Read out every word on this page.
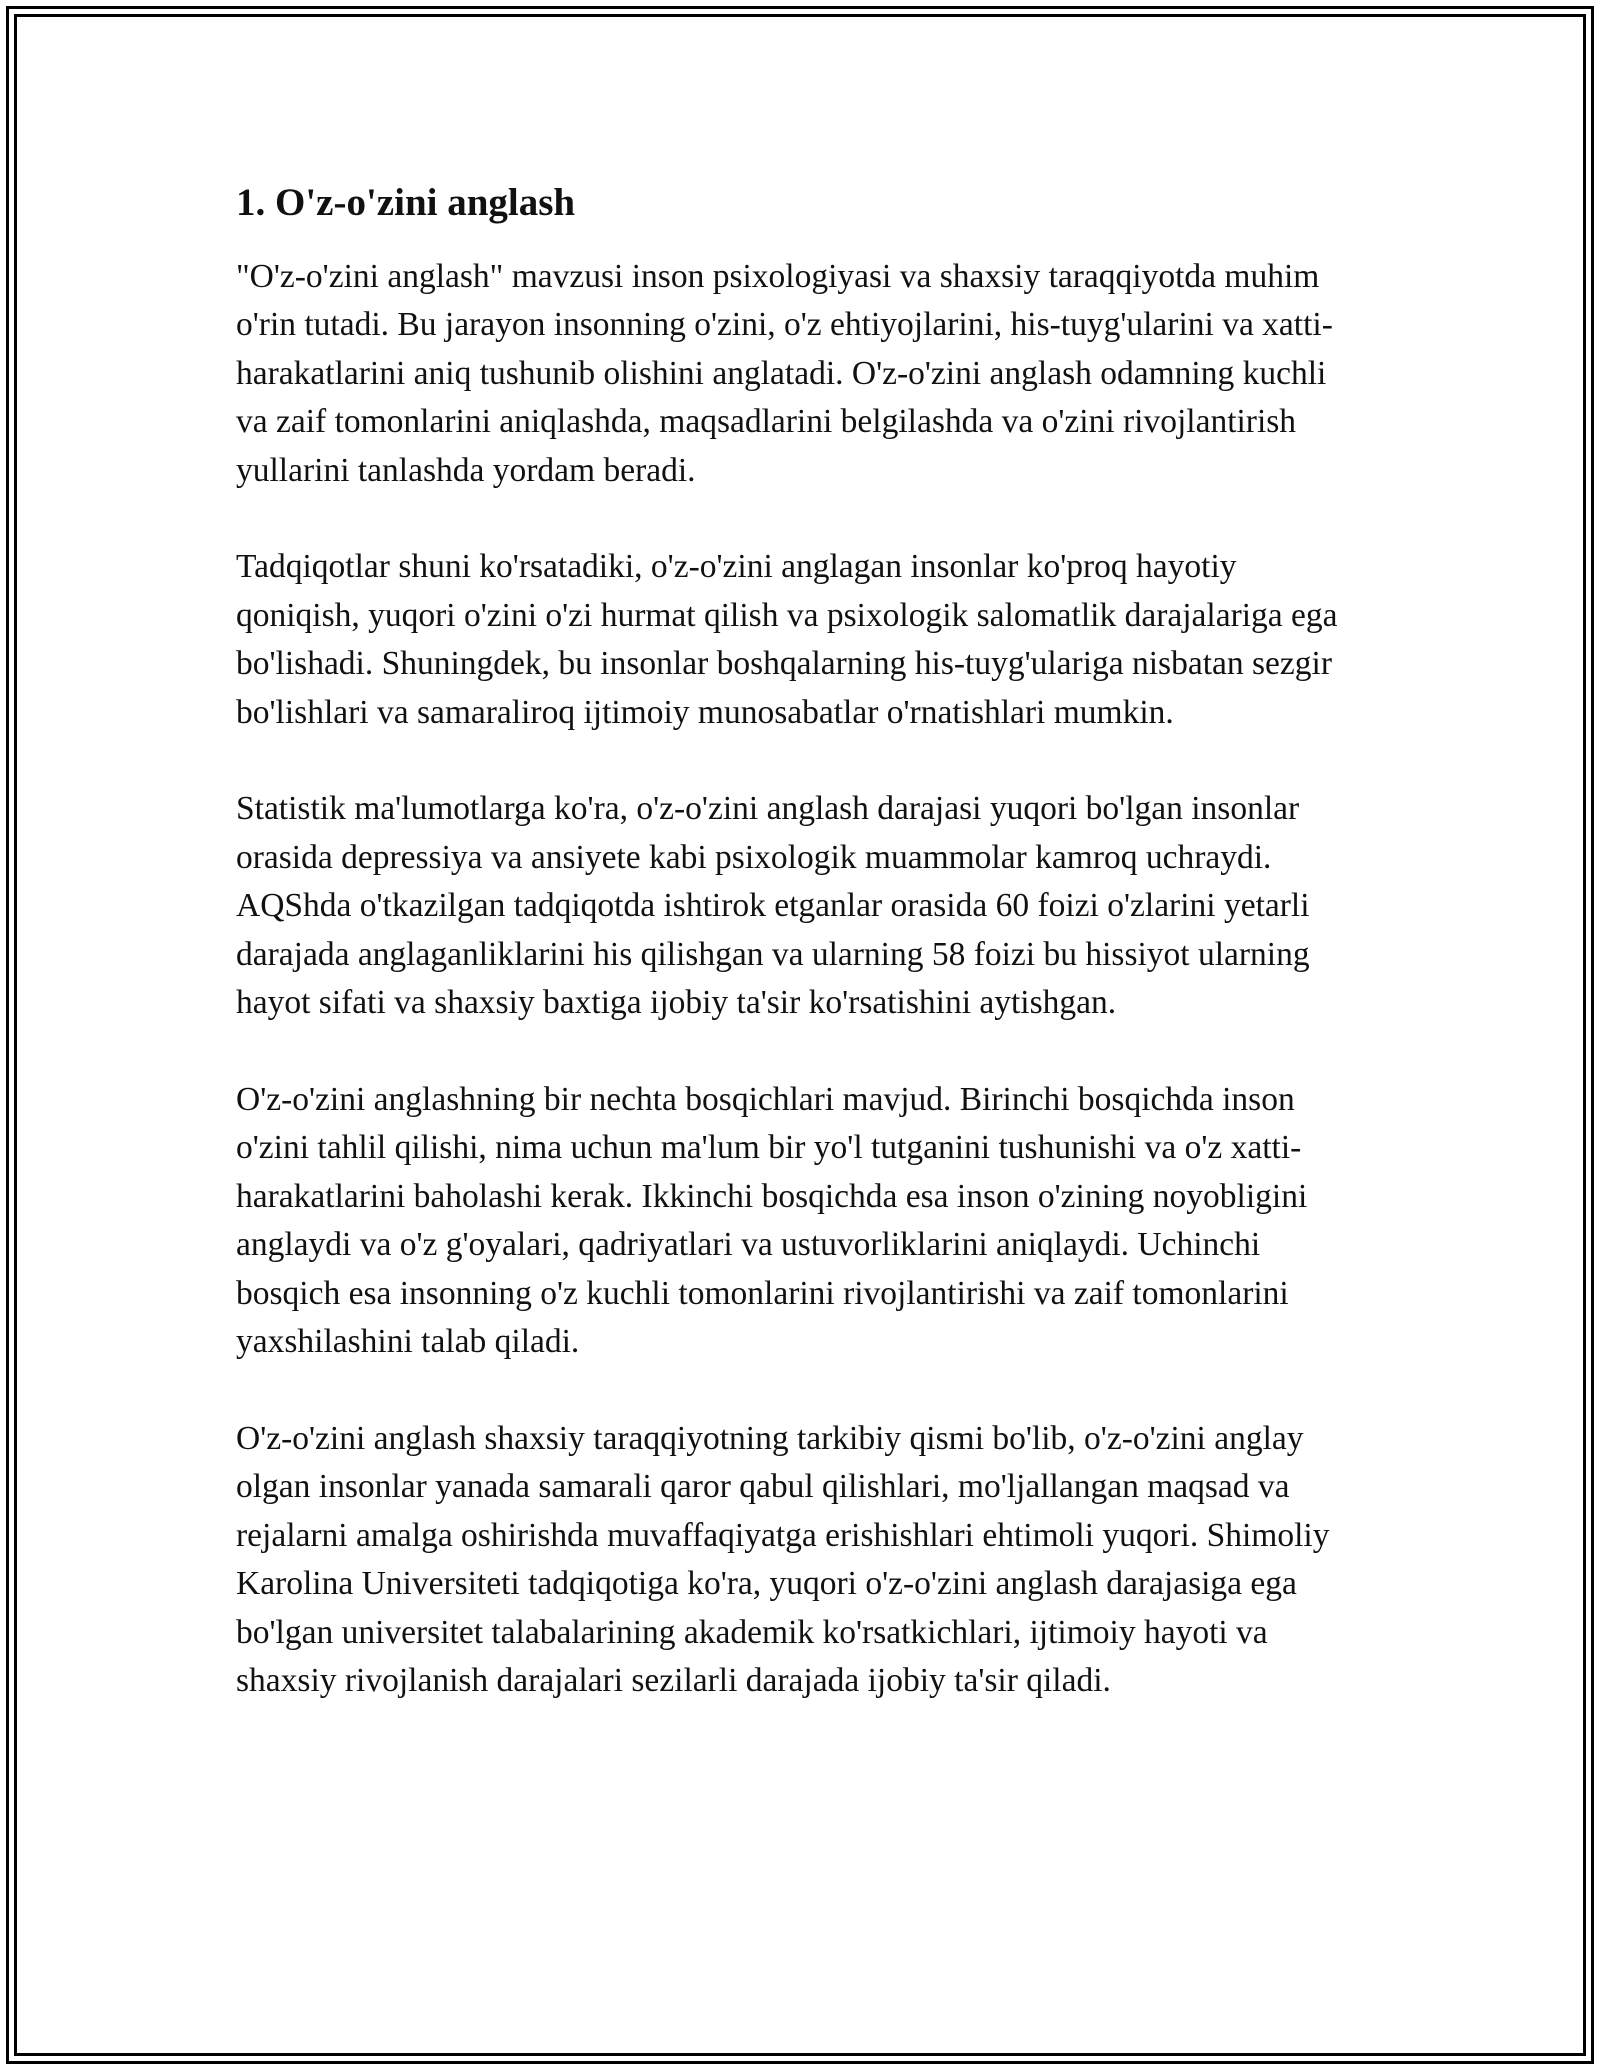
1. O'z-o'zini anglash

"O'z-o'zini anglash" mavzusi inson psixologiyasi va shaxsiy taraqqiyotda muhim o'rin tutadi. Bu jarayon insonning o'zini, o'z ehtiyojlarini, his-tuyg'ularini va xatti-harakatlarini aniq tushunib olishini anglatadi. O'z-o'zini anglash odamning kuchli va zaif tomonlarini aniqlashda, maqsadlarini belgilashda va o'zini rivojlantirish yullarini tanlashda yordam beradi.

Tadqiqotlar shuni ko'rsatadiki, o'z-o'zini anglagan insonlar ko'proq hayotiy qoniqish, yuqori o'zini o'zi hurmat qilish va psixologik salomatlik darajalariga ega bo'lishadi. Shuningdek, bu insonlar boshqalarning his-tuyg'ulariga nisbatan sezgir bo'lishlari va samaraliroq ijtimoiy munosabatlar o'rnatishlari mumkin.

Statistik ma'lumotlarga ko'ra, o'z-o'zini anglash darajasi yuqori bo'lgan insonlar orasida depressiya va ansiyete kabi psixologik muammolar kamroq uchraydi. AQShda o'tkazilgan tadqiqotda ishtirok etganlar orasida 60 foizi o'zlarini yetarli darajada anglaganliklarini his qilishgan va ularning 58 foizi bu hissiyot ularning hayot sifati va shaxsiy baxtiga ijobiy ta'sir ko'rsatishini aytishgan.

O'z-o'zini anglashning bir nechta bosqichlari mavjud. Birinchi bosqichda inson o'zini tahlil qilishi, nima uchun ma'lum bir yo'l tutganini tushunishi va o'z xatti-harakatlarini baholashi kerak. Ikkinchi bosqichda esa inson o'zining noyobligini anglaydi va o'z g'oyalari, qadriyatlari va ustuvorliklarini aniqlaydi. Uchinchi bosqich esa insonning o'z kuchli tomonlarini rivojlantirishi va zaif tomonlarini yaxshilashini talab qiladi.

O'z-o'zini anglash shaxsiy taraqqiyotning tarkibiy qismi bo'lib, o'z-o'zini anglay olgan insonlar yanada samarali qaror qabul qilishlari, mo'ljallangan maqsad va rejalarni amalga oshirishda muvaffaqiyatga erishishlari ehtimoli yuqori. Shimoliy Karolina Universiteti tadqiqotiga ko'ra, yuqori o'z-o'zini anglash darajasiga ega bo'lgan universitet talabalarining akademik ko'rsatkichlari, ijtimoiy hayoti va shaxsiy rivojlanish darajalari sezilarli darajada ijobiy ta'sir qiladi.
